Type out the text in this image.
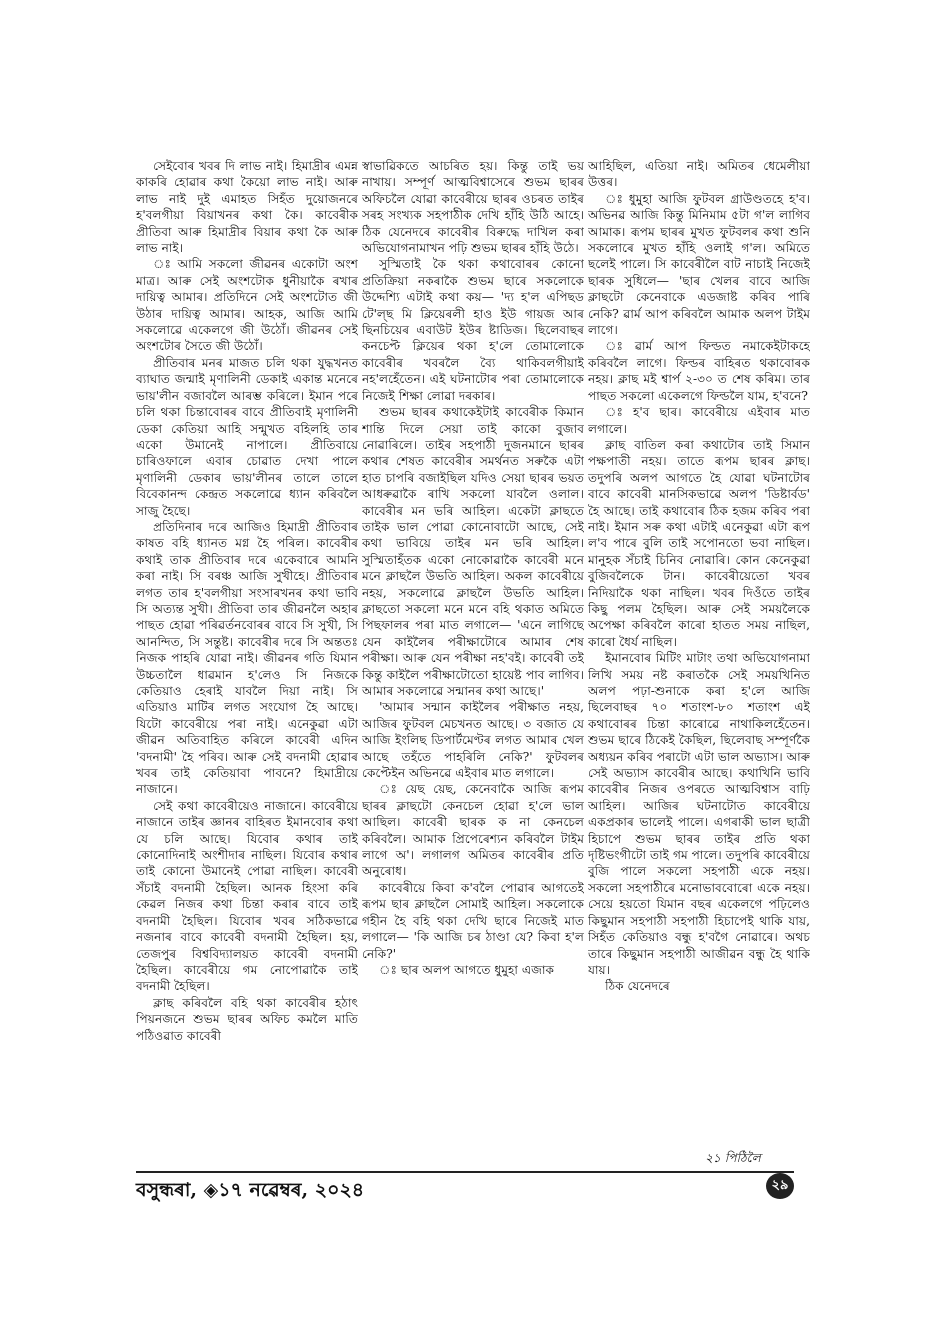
সেইবোৰ খবৰ দি লাভ নাই। হিমাদ্ৰীৰ এমন্ন কাকৰি হোৱাৰ কথা কৈয়ো লাভ নাই। আৰু লাভ নাই দুই এমাহত সিহঁত দুয়োজনৰে হ'বলগীয়া বিয়াখনৰ কথা কৈ। কাবেৰীক প্ৰীতিবা আৰু হিমাদ্ৰীৰ বিয়াৰ কথা কৈ আৰু লাভ নাই।

ঃ আমি সকলো জীৱনৰ একোটা অংশ মাত্ৰ। আৰু সেই অংশটোক ধুনীয়াকৈ ৰখাৰ দায়িত্ব আমাৰ। প্ৰতিদিনে সেই অংশটোত জী উঠাৰ দায়িত্ব আমাৰ। আহক, আজি আমি সকলোৱে একেলগে জী উঠোঁ। জীৱনৰ সেই অংশটোৰ সৈতে জী উঠোঁ।

প্ৰীতিবাৰ মনৰ মাজত চলি থকা যুদ্ধখনত ব্যাঘাত জন্মাই মৃণালিনী ডেকাই একান্ত মনেৰে ভায়'লীন বজাবলৈ আৰম্ভ কৰিলে। ইমান পৰে চলি থকা চিন্তাবোৰৰ বাবে প্ৰীতিবাই মৃণালিনী ডেকা কেতিয়া আহি সন্মুখত বহিলহি তাৰ একো উমানেই নাপালে। প্ৰীতিবায়ে চাৰিওফালে এবাৰ চোৱাত দেখা পালে মৃণালিনী ডেকাৰ ভায়'লীনৰ তালে তালে বিবেকানন্দ কেন্দ্ৰত সকলোৱে ধ্যান কৰিবলৈ সাজু হৈছে।

প্ৰতিদিনাৰ দৰে আজিও হিমাদ্ৰী প্ৰীতিবাৰ কাষত বহি ধ্যানত মগ্ন হৈ পৰিল। কাবেৰীৰ কথাই তাক প্ৰীতিবাৰ দৰে একেবাৰে আমনি কৰা নাই। সি বৰঞ্চ আজি সুখীহে। প্ৰীতিবাৰ লগত তাৰ হ'বলগীয়া সংসাৰখনৰ কথা ভাবি সি অত্যন্ত সুখী। প্ৰীতিবা তাৰ জীৱনলৈ অহাৰ পাছত হোৱা পৰিৱৰ্তনবোৰৰ বাবে সি সুখী, সি আনন্দিত, সি সন্তুষ্ট। কাবেৰীৰ দৰে সি অন্ততঃ নিজক পাহৰি যোৱা নাই। জীৱনৰ গতি যিমান উচ্চতালৈ ধাৱমান হ'লেও সি নিজকে কেতিয়াও হেৰাই যাবলৈ দিয়া নাই। সি এতিয়াও মাটিৰ লগত সংযোগ হৈ আছে। যিটো কাবেৰীয়ে পৰা নাই। এনেকুৱা এটা জীৱন অতিবাহিত কৰিলে কাবেৰী এদিন 'বদনামী' হৈ পৰিব। আৰু সেই বদনামী হোৱাৰ খবৰ তাই কেতিয়াবা পাবনে? হিমাদ্ৰীয়ে নাজানে।

সেই কথা কাবেৰীয়েও নাজানে। কাবেৰীয়ে নাজানে তাইৰ জ্ঞানৰ বাহিৰত ইমানবোৰ কথা যে চলি আছে। যিবোৰ কথাৰ তাই কোনোদিনাই অংশীদাৰ নাছিল। যিবোৰ কথাৰ তাই কোনো উমানেই পোৱা নাছিল। কাবেৰী সঁচাই বদনামী হৈছিল। আনক হিংসা কৰি কেৱল নিজৰ কথা চিন্তা কৰাৰ বাবে তাই বদনামী হৈছিল। যিবোৰ খবৰ সঠিকভাৱে নজনাৰ বাবে কাবেৰী বদনামী হৈছিল। হয়, তেজপুৰ বিশ্ববিদ্যালয়ত কাবেৰী বদনামী হৈছিল। কাবেৰীয়ে গম নোপোৱাকৈ তাই বদনামী হৈছিল।

ক্লাছ কৰিবলৈ বহি থকা কাবেৰীৰ হঠাৎ পিয়নজনে শুভম ছাৰৰ অফিচ কমলৈ মাতি পঠিওৱাত কাবেৰী

স্বাভাৱিকতে আচৰিত হয়। কিন্তু তাই ভয় নাখায়। সম্পূৰ্ণ আত্মবিশ্বাসেৰে শুভম ছাৰৰ অফিচলৈ যোৱা কাবেৰীয়ে ছাৰৰ ওচৰত তাইৰ সৰহ সংখ্যক সহপাঠীক দেখি হাঁহি উঠি আহে। ঠিক যেনেদৰে কাবেৰীৰ বিৰুদ্ধে দাখিল কৰা অভিযোগনামাখন পঢ়ি শুভম ছাৰৰ হাঁহি উঠে।

সুস্মিতাই কৈ থকা কথাবোৰৰ কোনো প্ৰতিক্ৰিয়া নকৰাকৈ শুভম ছাৰে সকলোকে উদ্দেশ্যি এটাই কথা কয়— 'দ্য হ'ল এপিছড টে'ল্ছ মি ক্লিয়েৰলী হাও ইউ গায়জ আৰ ছিনচিয়েৰ এবাউট ইউৰ ষ্টাডিজ। ছিলেবাছৰ কনচেপ্ট ক্লিয়েৰ থকা হ'লে তোমালোকে কাবেৰীৰ খবৰলৈ ব্যৈ থাকিবলগীয়াই নহ'লহেঁতেন। এই ঘটনাটোৰ পৰা তোমালোকে নিজেই শিক্ষা লোৱা দৰকাৰ।

শুভম ছাৰৰ কথাকেইটাই কাবেৰীক কিমান শান্তি দিলে সেয়া তাই কাকো বুজাব নোৱাৰিলে। তাইৰ সহপাঠী দুজনমানে ছাৰৰ কথাৰ শেষত কাবেৰীৰ সমৰ্থনত সৰুকৈ এটা হাত চাপৰি বজাইছিল যদিও সেয়া ছাৰৰ ভয়ত আধৰুৱাকৈ ৰাখি সকলো যাবলৈ ওলাল। কাবেৰীৰ মন ভৰি আহিল। একেটা ক্লাছতে তাইক ভাল পোৱা কোনোবাটো আছে, সেই কথা ভাবিয়ে তাইৰ মন ভৰি আহিল। সুস্মিতাহঁতক একো নোকোৱাকৈ কাবেৰী মনে মনে ক্লাছলৈ উভতি আহিল। অকল কাবেৰীয়ে নহয়, সকলোৱে ক্লাছলৈ উভতি আহিল। ক্লাছতো সকলো মনে মনে বহি থকাত অমিতে পিছফালৰ পৰা মাত লগালে— 'এনে লাগিছে যেন কাইলৈৰ পৰীক্ষাটোৰে আমাৰ শেষ পৰীক্ষা। আৰু যেন পৰীক্ষা নহ'বই। কাবেৰী তই কিন্তু কাইলৈ পৰীক্ষাটোতো হায়েষ্ট পাব লাগিব। আমাৰ সকলোৱে সন্মানৰ কথা আছে।'

'আমাৰ সন্মান কাইলৈৰ পৰীক্ষাত নহয়, আজিৰ ফুটবল মেচখনত আছে। ৩ বজাত যে আজি ইংলিছ ডিপাৰ্টমেণ্টৰ লগত আমাৰ খেল আছে তহঁতে পাহৰিলি নেকি?' ফুটবলৰ কেপ্টেইন অভিনৱে এইবাৰ মাত লগালে।

ঃ য়েছ য়েছ, কেনেবাকৈ আজি ৰূপম ছাৰৰ ক্লাছটো কেনচেল হোৱা হ'লে ভাল আছিল। কাবেৰী ছাৰক ক না কেনচেল কৰিবলৈ। আমাক প্ৰিপেৰেশ্যন কৰিবলৈ টাইম লাগে অ'। লগালগ অমিতৰ কাবেৰীৰ প্ৰতি অনুৰোধ।

কাবেৰীয়ে কিবা ক'বলৈ পোৱাৰ আগতেই ৰূপম ছাৰ ক্লাছলৈ সোমাই আহিল। সকলোকে গহীন হৈ বহি থকা দেখি ছাৰে নিজেই মাত লগালে— 'কি আজি চৰ ঠাণ্ডা যে? কিবা হ'ল নেকি?'

ঃ ছাৰ অলপ আগতে ধুমুহা এজাক

আহিছিল, এতিয়া নাই। অমিতৰ ধেমেলীয়া উত্তৰ।

ঃ ধুমুহা আজি ফুটবল গ্ৰাউণ্ডতহে হ'ব। অভিনৱ আজি কিন্তু মিনিমাম ৫টা গ'ল লাগিব আমাক। ৰূপম ছাৰৰ মুখত ফুটবলৰ কথা শুনি সকলোৰে মুখত হাঁহি ওলাই গ'ল। অমিতে ছলেই পালে। সি কাবেৰীলৈ বাট নাচাই নিজেই ছাৰক সুধিলে— 'ছাৰ খেলৰ বাবে আজি ক্লাছটো কেনেবাকে এডজাষ্ট কৰিব পাৰি নেকি? ৱাৰ্ম আপ কৰিবলৈ আমাক অলপ টাইম লাগে।

ঃ ৱাৰ্ম আপ ফিল্ডত নমাকেইটাকহে কৰিবলৈ লাগে। ফিল্ডৰ বাহিৰত থকাবোৰক নহয়। ক্লাছ মই শ্বাৰ্প ২-৩০ ত শেষ কৰিম। তাৰ পাছত সকলো একেলগে ফিল্ডলৈ যাম, হ'বনে?

ঃ হ'ব ছাৰ। কাবেৰীয়ে এইবাৰ মাত লগালে।

ক্লাছ বাতিল কৰা কথাটোৰ তাই সিমান পক্ষপাতী নহয়। তাতে ৰূপম ছাৰৰ ক্লাছ। তদুপৰি অলপ আগতে হৈ যোৱা ঘটনাটোৰ বাবে কাবেৰী মানসিকভাৱে অলপ 'ডিষ্টাৰ্বড' হৈ আছে। তাই কথাবোৰ ঠিক হজম কৰিব পৰা নাই। ইমান সৰু কথা এটাই এনেকুৱা এটা ৰূপ ল'ব পাৰে বুলি তাই সপোনতো ভবা নাছিল। মানুহক সঁচাই চিনিব নোৱাৰি। কোন কেনেকুৱা বুজিবলৈকে টান। কাবেৰীয়েতো খবৰ নিদিয়াকৈ থকা নাছিল। খবৰ দিওঁতে তাইৰ কিছু পলম হৈছিল। আৰু সেই সময়লৈকে অপেক্ষা কৰিবলৈ কাৰো হাতত সময় নাছিল, কাৰো ধৈৰ্য নাছিল।

ইমানবোৰ মিটিং মাটাং তথা অভিযোগনামা লিখি সময় নষ্ট কৰাতকৈ সেই সময়খিনিত অলপ পঢ়া-শুনাকে কৰা হ'লে আজি ছিলেবাছৰ ৭০ শতাংশ-৮০ শতাংশ এই কথাবোৰৰ চিন্তা কাৰোৱে নাথাকিলহেঁতেন। শুভম ছাৰে ঠিকেই কৈছিল, ছিলেবাছ সম্পূৰ্ণকৈ অধ্যয়ন কৰিব পৰাটো এটা ভাল অভ্যাস। আৰু সেই অভ্যাস কাবেৰীৰ আছে। কথাখিনি ভাবি কাবেৰীৰ নিজৰ ওপৰতে আত্মবিশ্বাস বাঢ়ি আহিল। আজিৰ ঘটনাটোত কাবেৰীয়ে একপ্ৰকাৰ ভালেই পালে। এগৰাকী ভাল ছাত্ৰী হিচাপে শুভম ছাৰৰ তাইৰ প্ৰতি থকা দৃষ্টিভংগীটো তাই গম পালে। তদুপৰি কাবেৰীয়ে বুজি পালে সকলো সহপাঠী একে নহয়। সকলো সহপাঠীৰে মনোভাববোৰো একে নহয়। সেয়ে হয়তো যিমান বছৰ একেলগে পঢ়িলেও কিছুমান সহপাঠী সহপাঠী হিচাপেই থাকি যায়, সিহঁত কেতিয়াও বন্ধু হ'বগৈ নোৱাৰে। অথচ তাৰে কিছুমান সহপাঠী আজীৱন বন্ধু হৈ থাকি যায়।

ঠিক যেনেদৰে

২১ পিঠিলৈ
বসুন্ধৰা, ◈১৭ নৱেম্বৰ, ২০২৪	২৯
